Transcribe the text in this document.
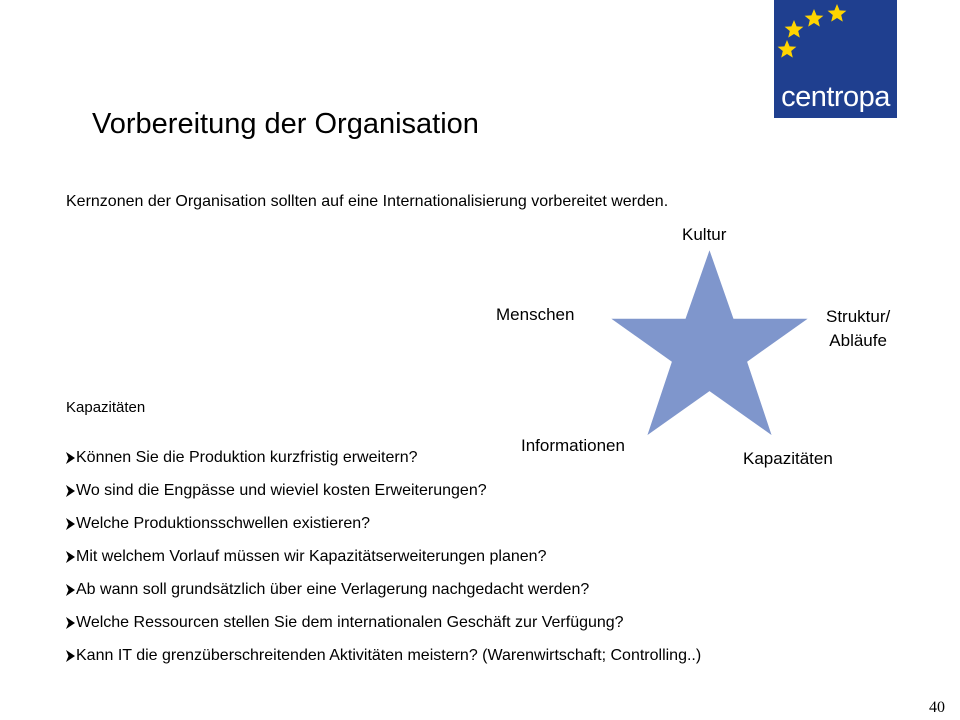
centropa
Vorbereitung der Organisation
Kernzonen der Organisation sollten auf eine Internationalisierung vorbereitet werden.
Kultur
Menschen	Struktur/
Abläufe
Informationen
Kapazitäten
Kapazitäten
Können Sie die Produktion kurzfristig erweitern?
Wo sind die Engpässe und wieviel kosten Erweiterungen?
Welche Produktionsschwellen existieren?
Mit welchem Vorlauf müssen wir Kapazitätserweiterungen planen?
Ab wann soll grundsätzlich über eine Verlagerung nachgedacht werden?
Welche Ressourcen stellen Sie dem internationalen Geschäft zur Verfügung?
Kann IT die grenzüberschreitenden Aktivitäten meistern? (Warenwirtschaft; Controlling..)
40
